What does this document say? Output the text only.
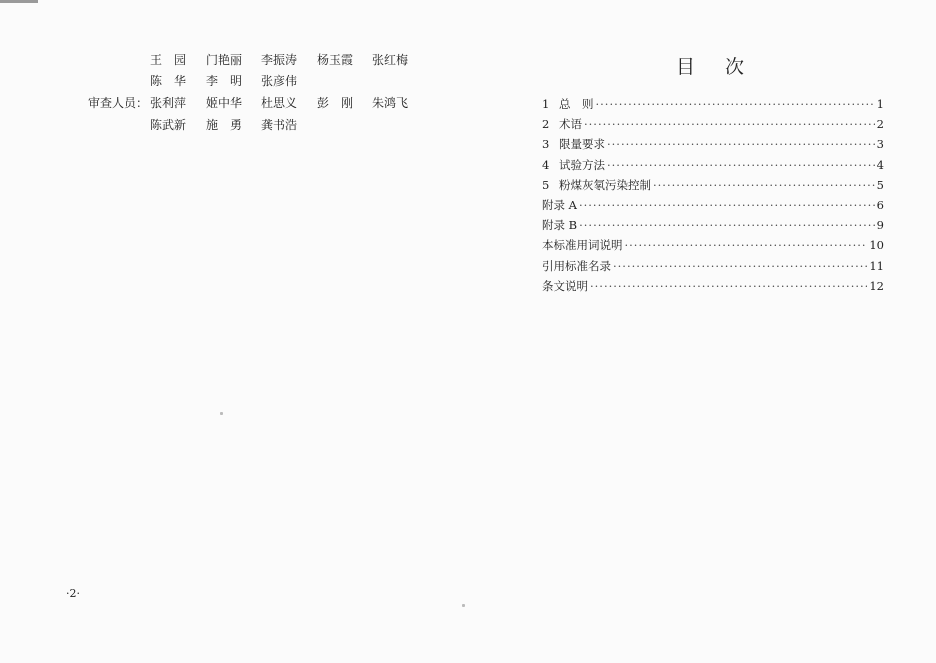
王　园 门艳丽 李振涛 杨玉霞 张红梅
陈　华 李　明 张彦伟
审查人员： 张利萍 姬中华 杜思义 彭　刚 朱鸿飞
陈武新 施　勇 龚书浩
·2·
目次
1 总　则 ·····	1
2 术语 ·····	2
3 限量要求 ·····	3
4 试验方法 ·····	4
5 粉煤灰氡污染控制 ·····	5
附录 A ·····	6
附录 B ·····	9
本标准用词说明 ·····	10
引用标准名录 ·····	11
条文说明 ·····	12
